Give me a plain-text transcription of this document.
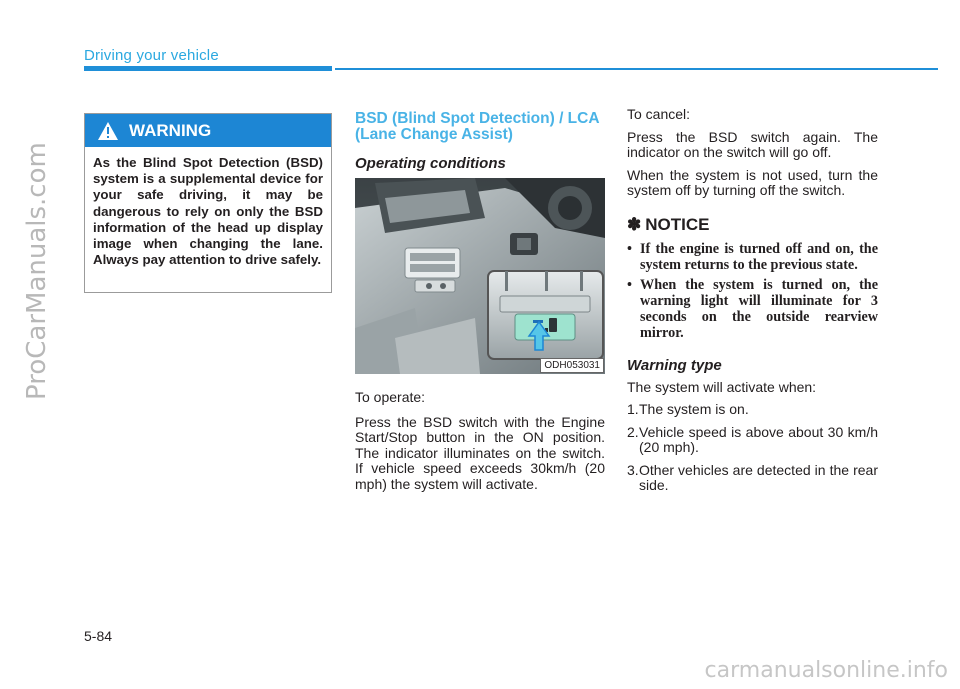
Driving your vehicle
ProCarManuals.com
WARNING
As the Blind Spot Detection (BSD) system is a supplemental device for your safe driving, it may be dangerous to rely on only the BSD information of the head up display image when changing the lane. Always pay attention to drive safely.
BSD (Blind Spot Detection) / LCA (Lane Change Assist)
Operating conditions
ODH053031

To operate:

Press the BSD switch with the Engine Start/Stop button in the ON position. The indicator illuminates on the switch. If vehicle speed exceeds 30km/h (20 mph) the system will activate.

To cancel:

Press the BSD switch again. The indicator on the switch will go off.

When the system is not used, turn the system off by turning off the switch.

✽ NOTICE
• If the engine is turned off and on, the system returns to the previous state.
• When the system is turned on, the warning light will illuminate for 3 seconds on the outside rearview mirror.
Warning type

The system will activate when:

1. The system is on.
2. Vehicle speed is above about 30 km/h (20 mph).
3. Other vehicles are detected in the rear side.
5-84
carmanualsonline.info
